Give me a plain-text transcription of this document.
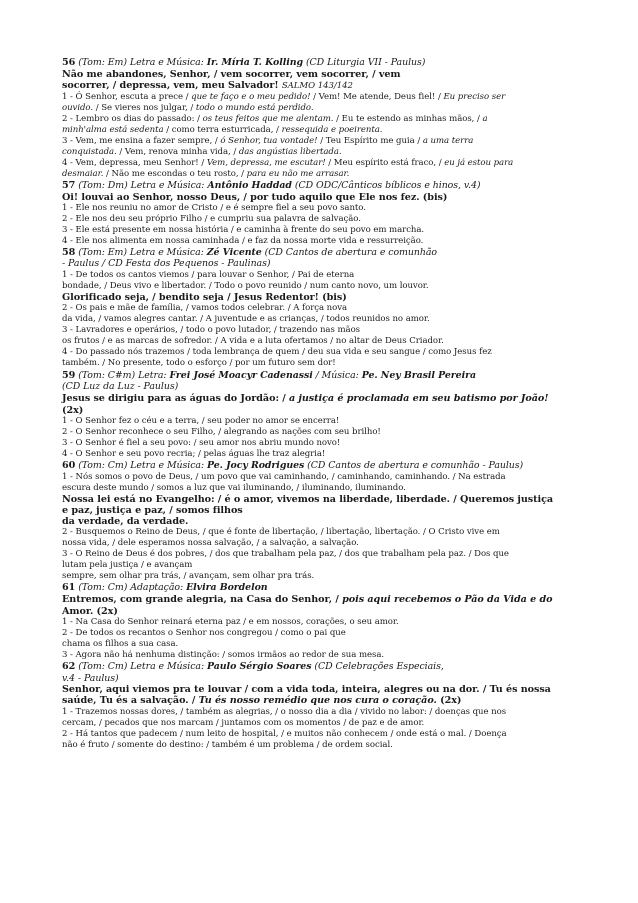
56 (Tom: Em) Letra e Música: Ir. Míria T. Kolling (CD Liturgia VII - Paulus)

Não me abandones, Senhor, / vem socorrer, vem socorrer, / vem

socorrer, / depressa, vem, meu Salvador! SALMO 143/142

1 - Ó Senhor, escuta a prece / que te faço e o meu pedido! / Vem! Me atende, Deus fiel! / Eu preciso ser

ouvido. / Se vieres nos julgar, / todo o mundo está perdido.

2 - Lembro os dias do passado: / os teus feitos que me alentam. / Eu te estendo as minhas mãos, / a

minh'alma está sedenta / como terra esturricada, / ressequida e poeirenta.

3 - Vem, me ensina a fazer sempre, / ó Senhor, tua vontade! / Teu Espírito me guia / a uma terra

conquistada. / Vem, renova minha vida, / das angústias libertada.

4 - Vem, depressa, meu Senhor! / Vem, depressa, me escutar! / Meu espírito está fraco, / eu já estou para

desmaiar. / Não me escondas o teu rosto, / para eu não me arrasar.

57 (Tom: Dm) Letra e Música: Antônio Haddad (CD ODC/Cânticos bíblicos e hinos, v.4)

Oi! louvai ao Senhor, nosso Deus, / por tudo aquilo que Ele nos fez. (bis)

1 - Ele nos reuniu no amor de Cristo / e é sempre fiel a seu povo santo.

2 - Ele nos deu seu próprio Filho / e cumpriu sua palavra de salvação.

3 - Ele está presente em nossa história / e caminha à frente do seu povo em marcha.

4 - Ele nos alimenta em nossa caminhada / e faz da nossa morte vida e ressurreição.

58 (Tom: Em) Letra e Música: Zé Vicente (CD Cantos de abertura e comunhão

- Paulus / CD Festa dos Pequenos - Paulinas)

1 - De todos os cantos viemos / para louvar o Senhor, / Pai de eterna

bondade, / Deus vivo e libertador. / Todo o povo reunido / num canto novo, um louvor.

Glorificado seja, / bendito seja / Jesus Redentor! (bis)

2 - Os pais e mãe de família, / vamos todos celebrar. / A força nova

da vida, / vamos alegres cantar. / A juventude e as crianças, / todos reunidos no amor.

3 - Lavradores e operários, / todo o povo lutador, / trazendo nas mãos

os frutos / e as marcas de sofredor. / A vida e a luta ofertamos / no altar de Deus Criador.

4 - Do passado nós trazemos / toda lembrança de quem / deu sua vida e seu sangue / como Jesus fez

também. / No presente, todo o esforço / por um futuro sem dor!

59 (Tom: C#m) Letra: Frei José Moacyr Cadenassi / Música: Pe. Ney Brasil Pereira

(CD Luz da Luz - Paulus)

Jesus se dirigiu para as águas do Jordão: / a justiça é proclamada em seu batismo por João!

(2x)

1 - O Senhor fez o céu e a terra, / seu poder no amor se encerra!

2 - O Senhor reconhece o seu Filho, / alegrando as nações com seu brilho!

3 - O Senhor é fiel a seu povo: / seu amor nos abriu mundo novo!

4 - O Senhor e seu povo recria; / pelas águas lhe traz alegria!

60 (Tom: Cm) Letra e Música: Pe. Jocy Rodrigues (CD Cantos de abertura e comunhão - Paulus)

1 - Nós somos o povo de Deus, / um povo que vai caminhando, / caminhando, caminhando. / Na estrada

escura deste mundo / somos a luz que vai iluminando, / iluminando, iluminando.

Nossa lei está no Evangelho: / é o amor, vivemos na liberdade, liberdade. / Queremos justiça

e paz, justiça e paz, / somos filhos

da verdade, da verdade.

2 - Busquemos o Reino de Deus, / que é fonte de libertação, / libertação, libertação. / O Cristo vive em

nossa vida, / dele esperamos nossa salvação, / a salvação, a salvação.

3 - O Reino de Deus é dos pobres, / dos que trabalham pela paz, / dos que trabalham pela paz. / Dos que

lutam pela justiça / e avançam

sempre, sem olhar pra trás, / avançam, sem olhar pra trás.

61 (Tom: Cm) Adaptação: Elvira Bordelon

Entremos, com grande alegria, na Casa do Senhor, / pois aqui recebemos o Pão da Vida e do

Amor. (2x)

1 - Na Casa do Senhor reinará eterna paz / e em nossos, corações, o seu amor.

2 - De todos os recantos o Senhor nos congregou / como o pai que

chama os filhos a sua casa.

3 - Agora não há nenhuma distinção: / somos irmãos ao redor de sua mesa.

62 (Tom: Cm) Letra e Música: Paulo Sérgio Soares (CD Celebrações Especiais,

v.4 - Paulus)

Senhor, aqui viemos pra te louvar / com a vida toda, inteira, alegres ou na dor. / Tu és nossa

saúde, Tu és a salvação. / Tu és nosso remédio que nos cura o coração. (2x)

1 - Trazemos nossas dores, / também as alegrias, / o nosso dia a dia / vivido no labor: / doenças que nos

cercam, / pecados que nos marcam / juntamos com os momentos / de paz e de amor.

2 - Há tantos que padecem / num leito de hospital, / e muitos não conhecem / onde está o mal. / Doença

não é fruto / somente do destino: / também é um problema / de ordem social.
